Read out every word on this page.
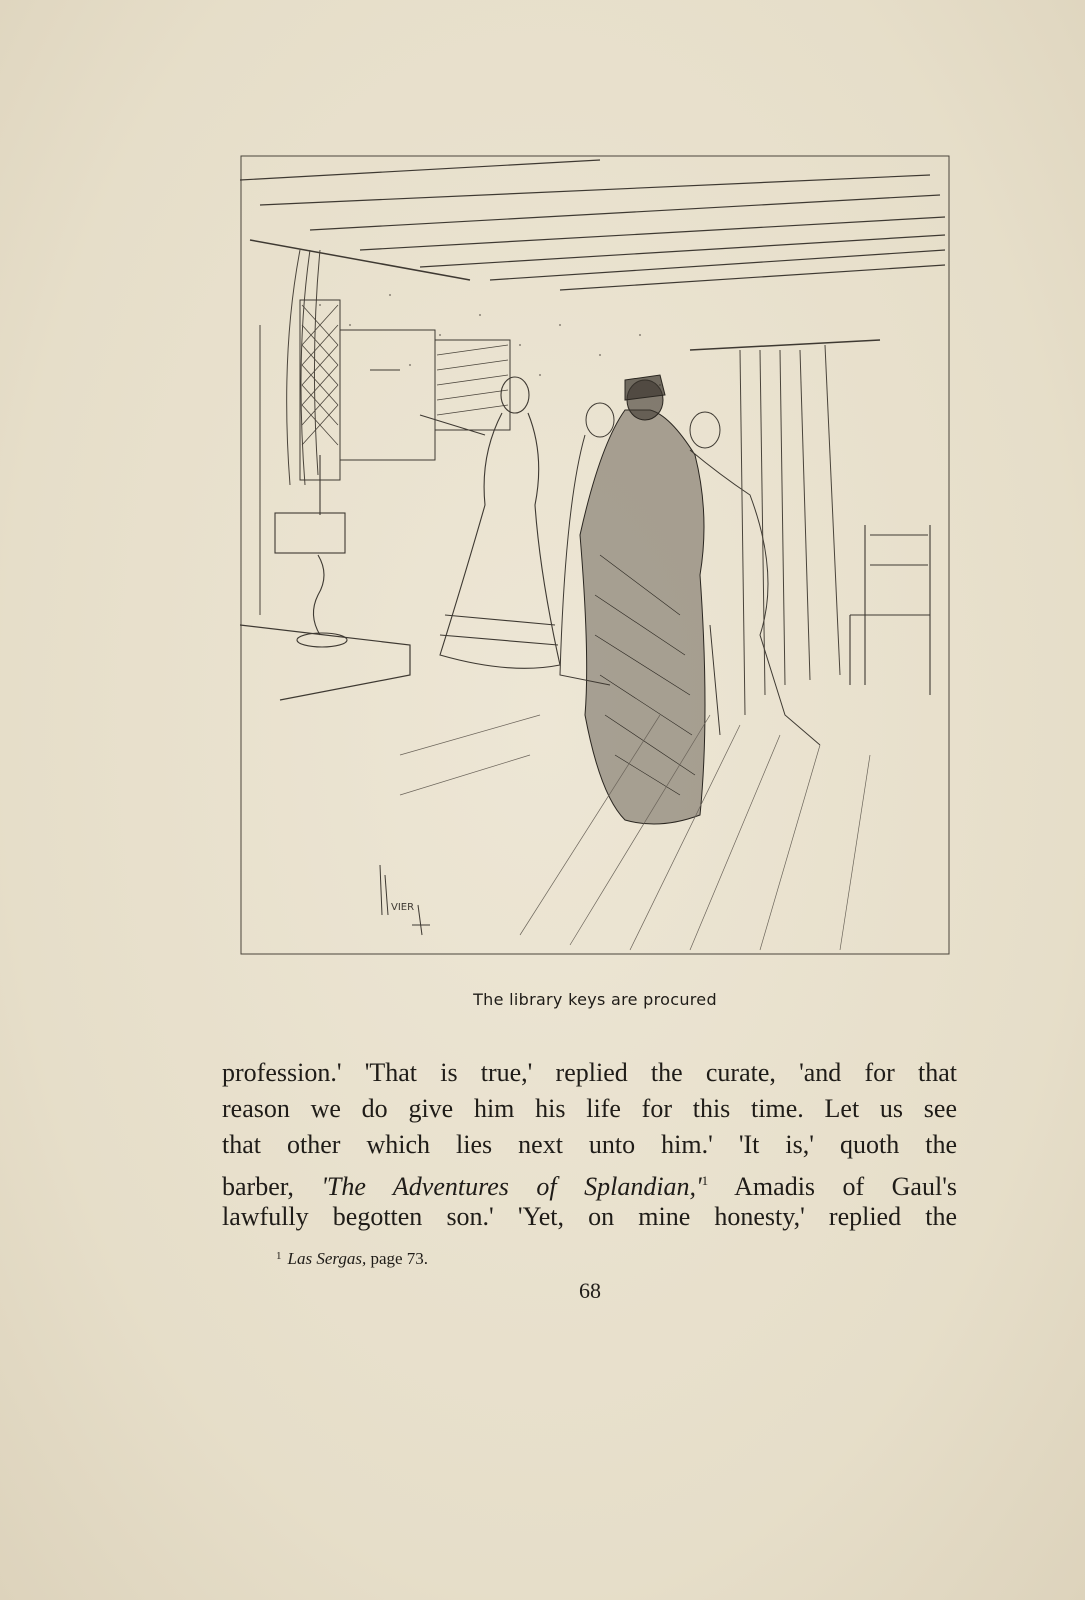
VIER
The library keys are procured
profession.' 'That is true,' replied the curate, 'and for that
reason we do give him his life for this time. Let us see
that other which lies next unto him.' 'It is,' quoth the
barber, 'The Adventures of Splandian,'$^1$ Amadis of Gaul's
lawfully begotten son.' 'Yet, on mine honesty,' replied the
$^1$ Las Sergas, page 73.
68
